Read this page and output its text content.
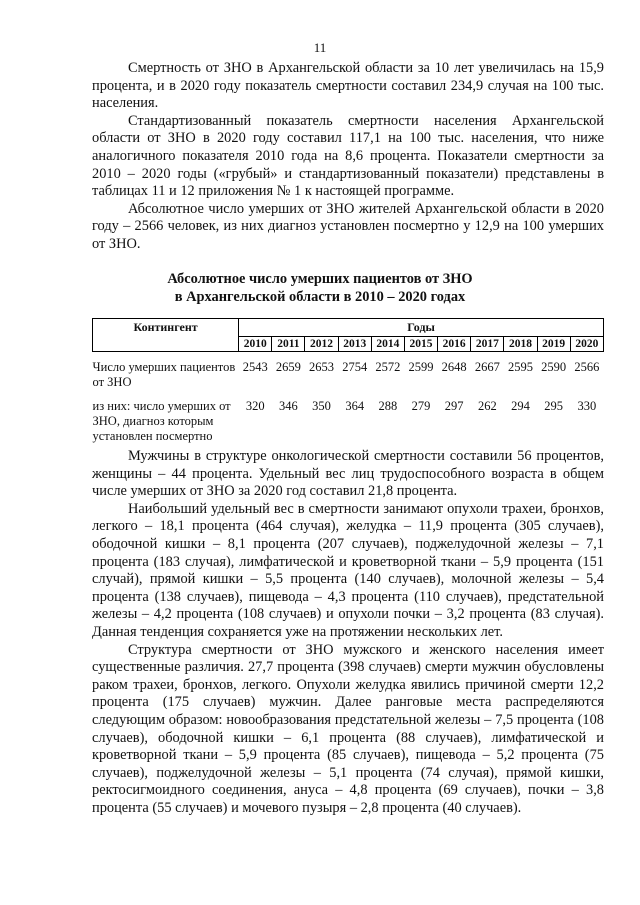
11

Смертность от ЗНО в Архангельской области за 10 лет увеличилась на 15,9 процента, и в 2020 году показатель смертности составил 234,9 случая на 100 тыс. населения.

Стандартизованный показатель смертности населения Архангельской области от ЗНО в 2020 году составил 117,1 на 100 тыс. населения, что ниже аналогичного показателя 2010 года на 8,6 процента. Показатели смертности за 2010 – 2020 годы («грубый» и стандартизованный показатели) представлены в таблицах 11 и 12 приложения № 1 к настоящей программе.

Абсолютное число умерших от ЗНО жителей Архангельской области в 2020 году – 2566 человек, из них диагноз установлен посмертно у 12,9 на 100 умерших от ЗНО.

Абсолютное число умерших пациентов от ЗНО
в Архангельской области в 2010 – 2020 годах
Контингент	Годы										
	2010	2011	2012	2013	2014	2015	2016	2017	2018	2019	2020
Число умерших пациентов от ЗНО	2543	2659	2653	2754	2572	2599	2648	2667	2595	2590	2566
из них: число умерших от ЗНО, диагноз которым установлен посмертно	320	346	350	364	288	279	297	262	294	295	330

Мужчины в структуре онкологической смертности составили 56 процентов, женщины – 44 процента. Удельный вес лиц трудоспособного возраста в общем числе умерших от ЗНО за 2020 год составил 21,8 процента.

Наибольший удельный вес в смертности занимают опухоли трахеи, бронхов, легкого – 18,1 процента (464 случая), желудка – 11,9 процента (305 случаев), ободочной кишки – 8,1 процента (207 случаев), поджелудочной железы – 7,1 процента (183 случая), лимфатической и кроветворной ткани – 5,9 процента (151 случай), прямой кишки – 5,5 процента (140 случаев), молочной железы – 5,4 процента (138 случаев), пищевода – 4,3 процента (110 случаев), предстательной железы – 4,2 процента (108 случаев) и опухоли почки – 3,2 процента (83 случая). Данная тенденция сохраняется уже на протяжении нескольких лет.

Структура смертности от ЗНО мужского и женского населения имеет существенные различия. 27,7 процента (398 случаев) смерти мужчин обусловлены раком трахеи, бронхов, легкого. Опухоли желудка явились причиной смерти 12,2 процента (175 случаев) мужчин. Далее ранговые места распределяются следующим образом: новообразования предстательной железы – 7,5 процента (108 случаев), ободочной кишки – 6,1 процента (88 случаев), лимфатической и кроветворной ткани – 5,9 процента (85 случаев), пищевода – 5,2 процента (75 случаев), поджелудочной железы – 5,1 процента (74 случая), прямой кишки, ректосигмоидного соединения, ануса – 4,8 процента (69 случаев), почки – 3,8 процента (55 случаев) и мочевого пузыря – 2,8 процента (40 случаев).
